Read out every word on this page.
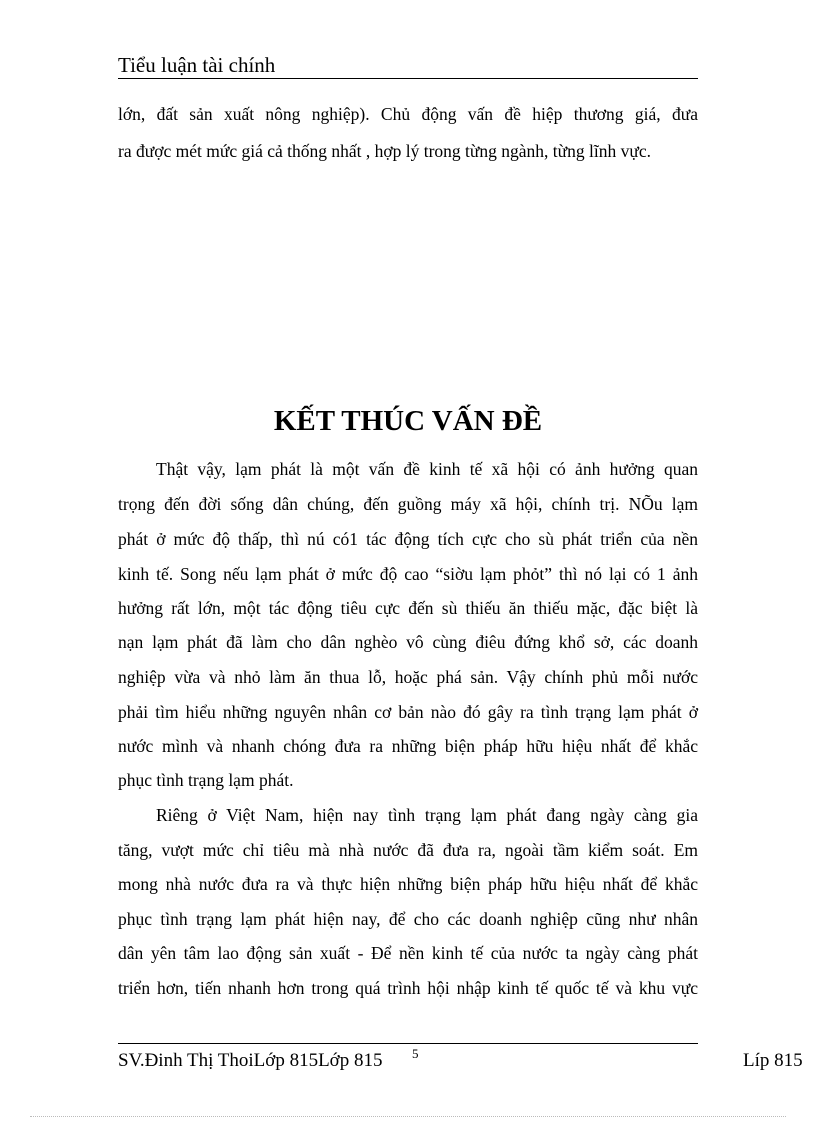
Tiểu luận tài chính
lớn, đất sản xuất nông nghiệp). Chủ động vấn đề hiệp thương giá, đưa
ra được mét mức giá cả thống nhất , hợp lý trong từng ngành, từng lĩnh vực.
KẾT THÚC VẤN ĐỀ
Thật vậy, lạm phát là một vấn đề kinh tế xã hội có ảnh hưởng quan
trọng đến đời sống dân chúng, đến guồng máy xã hội, chính trị. NÕu lạm
phát ở mức độ thấp, thì nú có1 tác động tích cực cho sù phát triển của nền
kinh tế. Song nếu lạm phát ở mức độ cao “siờu lạm phỏt” thì nó lại có 1 ảnh
hưởng rất lớn, một tác động tiêu cực đến sù thiếu ăn thiếu mặc, đặc biệt là
nạn lạm phát đã làm cho dân nghèo vô cùng điêu đứng khổ sở, các doanh
nghiệp vừa và nhỏ làm ăn thua lỗ, hoặc phá sản. Vậy chính phủ mỗi nước
phải tìm hiểu những nguyên nhân cơ bản nào đó gây ra tình trạng lạm phát ở
nước mình và nhanh chóng đưa ra những biện pháp hữu hiệu nhất để khắc
phục tình trạng lạm phát.
Riêng ở Việt Nam, hiện nay tình trạng lạm phát đang ngày càng gia
tăng, vượt mức chỉ tiêu mà nhà nước đã đưa ra, ngoài tầm kiểm soát. Em
mong nhà nước đưa ra và thực hiện những biện pháp hữu hiệu nhất để khắc
phục tình trạng lạm phát hiện nay, để cho các doanh nghiệp cũng như nhân
dân yên tâm lao động sản xuất - Để nền kinh tế của nước ta ngày càng phát
triển hơn, tiến nhanh hơn trong quá trình hội nhập kinh tế quốc tế và khu vực
SV.Đinh Thị ThoiLớp 815Lớp 815 5	Líp 815
